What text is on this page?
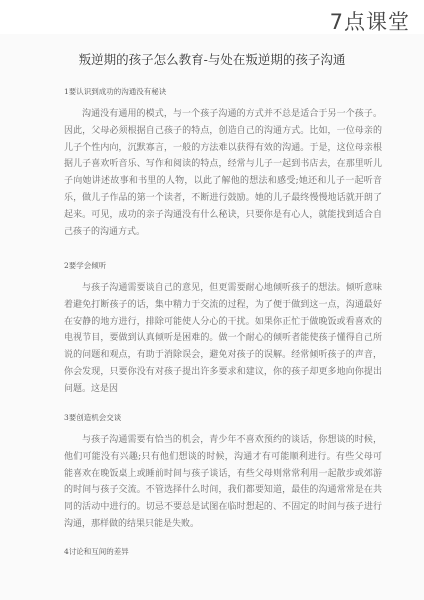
7点课堂
叛逆期的孩子怎么教育-与处在叛逆期的孩子沟通
1要认识到成功的沟通没有秘诀

沟通没有通用的模式，与一个孩子沟通的方式并不总是适合于另一个孩子。因此，父母必须根据自己孩子的特点，创造自己的沟通方式。比如，一位母亲的儿子个性内向，沉默寡言，一般的方法难以获得有效的沟通。于是，这位母亲根据儿子喜欢听音乐、写作和阅读的特点，经常与儿子一起到书店去，在那里听儿子向她讲述故事和书里的人物，以此了解他的想法和感受;她还和儿子一起听音乐，做儿子作品的第一个读者，不断进行鼓励。她的儿子最终慢慢地话就开朗了起来。可见，成功的亲子沟通没有什么秘诀，只要你是有心人，就能找到适合自己孩子的沟通方式。

2要学会倾听

与孩子沟通需要谈自己的意见，但更需要耐心地倾听孩子的想法。倾听意味着避免打断孩子的话，集中精力于交流的过程，为了便于做到这一点，沟通最好在安静的地方进行，排除可能使人分心的干扰。如果你正忙于做晚饭或看喜欢的电视节目，要做到认真倾听是困难的。做一个耐心的倾听者能使孩子懂得自己所说的问题和观点，有助于消除误会，避免对孩子的误解。经常倾听孩子的声音，你会发现，只要你没有对孩子提出许多要求和建议，你的孩子却更多地向你提出问题。这是因

3要创造机会交谈

与孩子沟通需要有恰当的机会，青少年不喜欢预约的谈话，你想谈的时候，他们可能没有兴趣;只有他们想谈的时候，沟通才有可能顺利进行。有些父母可能喜欢在晚饭桌上或睡前时间与孩子谈话，有些父母则常常利用一起散步或郊游的时间与孩子交流。不管选择什么时间，我们都要知道，最佳的沟通常常是在共同的活动中进行的。切忌不要总是试图在临时想起的、不固定的时间与孩子进行沟通，那样做的结果只能是失败。

4讨论和互间的差异
